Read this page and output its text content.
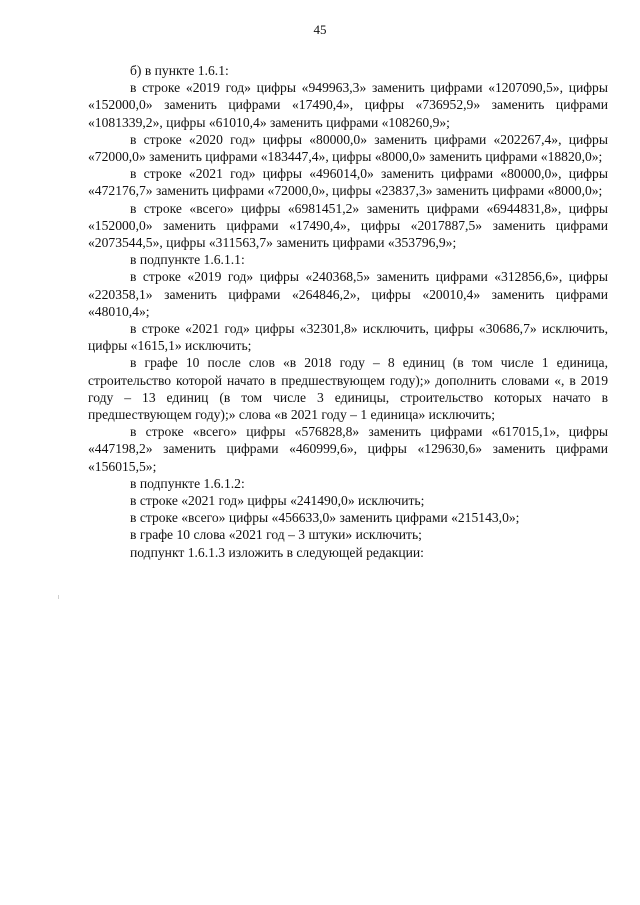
45

б) в пункте 1.6.1:

в строке «2019 год» цифры «949963,3» заменить цифрами «1207090,5», цифры «152000,0» заменить цифрами «17490,4», цифры «736952,9» заменить цифрами «1081339,2», цифры «61010,4» заменить цифрами «108260,9»;

в строке «2020 год» цифры «80000,0» заменить цифрами «202267,4», цифры «72000,0» заменить цифрами «183447,4», цифры «8000,0» заменить цифрами «18820,0»;

в строке «2021 год» цифры «496014,0» заменить цифрами «80000,0», цифры «472176,7» заменить цифрами «72000,0», цифры «23837,3» заменить цифрами «8000,0»;

в строке «всего» цифры «6981451,2» заменить цифрами «6944831,8», цифры «152000,0» заменить цифрами «17490,4», цифры «2017887,5» заменить цифрами «2073544,5», цифры «311563,7» заменить цифрами «353796,9»;

в подпункте 1.6.1.1:

в строке «2019 год» цифры «240368,5» заменить цифрами «312856,6», цифры «220358,1» заменить цифрами «264846,2», цифры «20010,4» заменить цифрами «48010,4»;

в строке «2021 год» цифры «32301,8» исключить, цифры «30686,7» исключить, цифры «1615,1» исключить;

в графе 10 после слов «в 2018 году – 8 единиц (в том числе 1 единица, строительство которой начато в предшествующем году);» дополнить словами «, в 2019 году – 13 единиц (в том числе 3 единицы, строительство которых начато в предшествующем году);» слова «в 2021 году – 1 единица» исключить;

в строке «всего» цифры «576828,8» заменить цифрами «617015,1», цифры «447198,2» заменить цифрами «460999,6», цифры «129630,6» заменить цифрами «156015,5»;

в подпункте 1.6.1.2:

в строке «2021 год» цифры «241490,0» исключить;

в строке «всего» цифры «456633,0» заменить цифрами «215143,0»;

в графе 10 слова «2021 год – 3 штуки» исключить;

подпункт 1.6.1.3 изложить в следующей редакции:
